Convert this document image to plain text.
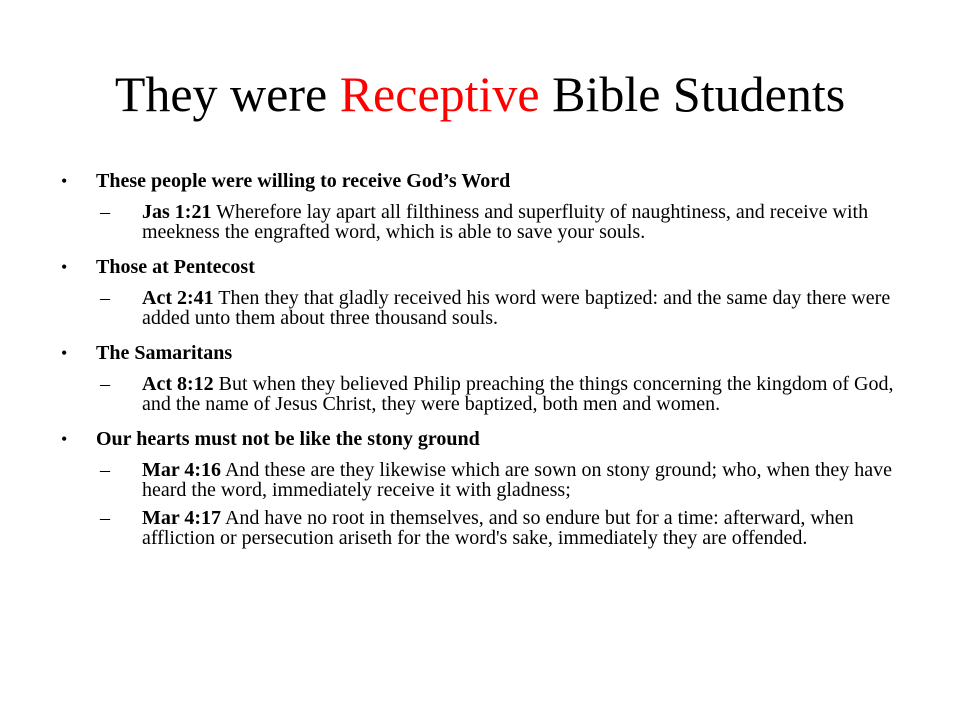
They were Receptive Bible Students
• These people were willing to receive God’s Word
– Jas 1:21 Wherefore lay apart all filthiness and superfluity of naughtiness, and receive with meekness the engrafted word, which is able to save your souls.
• Those at Pentecost
– Act 2:41 Then they that gladly received his word were baptized: and the same day there were added unto them about three thousand souls.
• The Samaritans
– Act 8:12 But when they believed Philip preaching the things concerning the kingdom of God, and the name of Jesus Christ, they were baptized, both men and women.
• Our hearts must not be like the stony ground
– Mar 4:16 And these are they likewise which are sown on stony ground; who, when they have heard the word, immediately receive it with gladness;
– Mar 4:17 And have no root in themselves, and so endure but for a time: afterward, when affliction or persecution ariseth for the word's sake, immediately they are offended.
